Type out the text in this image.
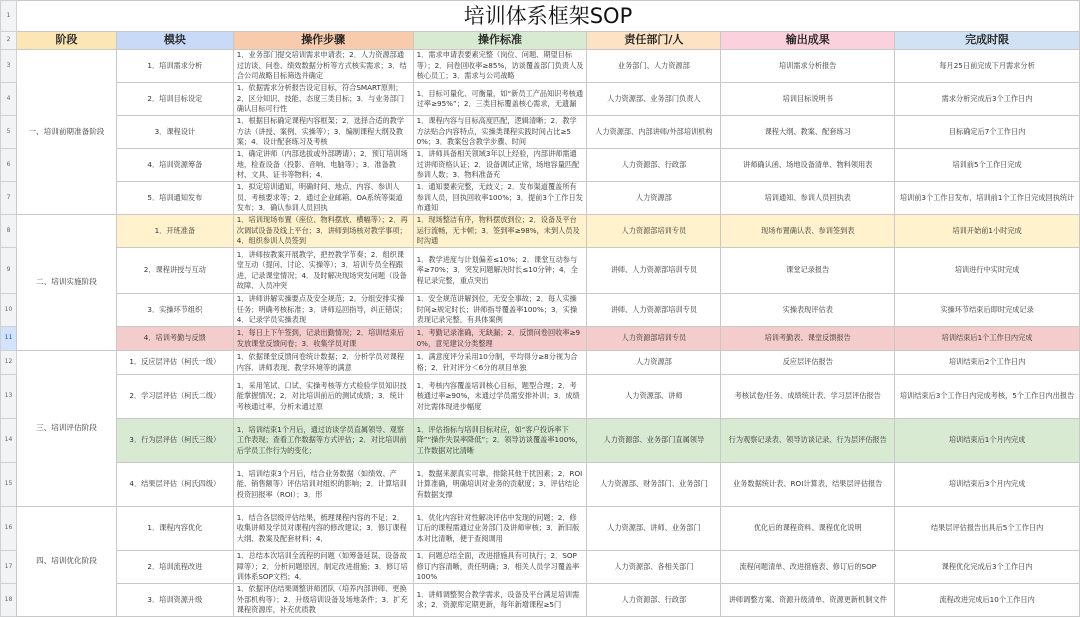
1	培训体系框架SOP						
2	阶段	模块	操作步骤	操作标准	责任部门/人	输出成果	完成时限
3	一、培训前期准备阶段	1．培训需求分析	1．业务部门提交培训需求申请表；2．人力资源部通过访谈、问卷、绩效数据分析等方式核实需求；3．结合公司战略目标筛选并确定	1．需求申请表要素完整（岗位、问题、期望目标等）；2．问卷回收率≥85%，访谈覆盖部门负责人及核心员工；3．需求与公司战略	业务部门、人力资源部	培训需求分析报告	每月25日前完成下月需求分析
4		2．培训目标设定	1．依据需求分析报告设定目标，符合SMART原则；2．区分知识、技能、态度三类目标；3．与业务部门确认目标可行性	1．目标可量化、可衡量，如“新员工产品知识考核通过率≥95%”；2．三类目标覆盖核心需求，无遗漏	人力资源部、业务部门负责人	培训目标说明书	需求分析完成后3个工作日内
5		3．课程设计	1．根据目标确定课程内容框架；2．选择合适的教学方法（讲授、案例、实操等）；3．编制课程大纲及教案；4．设计配套练习及考核	1．课程内容与目标高度匹配，逻辑清晰；2．教学方法贴合内容特点，实操类课程实践时间占比≥50%；3．教案包含教学步骤、时间	人力资源部、内部讲师/外部培训机构	课程大纲、教案、配套练习	目标确定后7个工作日内
6		4．培训资源筹备	1．确定讲师（内部选拔或外部聘请）；2．预订培训场地，检查设备（投影、音响、电脑等）；3．准备教材、文具、证书等物料；4．	1．讲师具备相关领域3年以上经验，内部讲师需通过讲师资格认证；2．设备调试正常，场地容量匹配参训人数；3．物料准备充	人力资源部、行政部	讲师确认函、场地设备清单、物料领用表	培训前5个工作日完成
7		5．培训通知发布	1．拟定培训通知，明确时间、地点、内容、参训人员、考核要求等；2．通过企业邮箱、OA系统等渠道发布；3．确认参训人员回执	1．通知要素完整，无歧义；2．发布渠道覆盖所有参训人员，回执回收率100%；3．提前3个工作日发布通知	人力资源部	培训通知、参训人员回执表	培训前3个工作日发布，培训前1个工作日完成回执统计
8	二、培训实施阶段	1．开班准备	1．培训现场布置（座位、物料摆放、横幅等）；2．再次调试设备及线上平台；3．讲师到场核对教学事项；4．组织参训人员签到	1．现场整洁有序，物料摆放到位；2．设备及平台运行流畅，无卡顿；3．签到率≥98%，未到人员及时沟通	人力资源部培训专员	现场布置确认表、参训签到表	培训开始前1小时完成
9		2．课程讲授与互动	1．讲师按教案开展教学，把控教学节奏；2．组织课堂互动（提问、讨论、实操等）；3．培训专员全程跟进，记录课堂情况；4．及时解决现场突发问题（设备故障、人员冲突	1．教学进度与计划偏差≤10%；2．课堂互动参与率≥70%；3．突发问题解决时长≤10分钟；4．全程记录完整，重点突出	讲师、人力资源部培训专员	课堂记录报告	培训进行中实时完成
10		3．实操环节组织	1．讲师讲解实操要点及安全规范；2．分组安排实操任务；明确考核标准；3．讲师巡回指导，纠正错误；4．记录学员实操表现	1．安全规范讲解到位，无安全事故；2．每人实操时间≥规定时长；讲师指导覆盖率100%；3．实操表现记录完整，有具体案例	讲师、人力资源部培训专员	实操表现评估表	实操环节结束后即时完成记录
11		4．培训考勤与反馈	1．每日上下午签到，记录出勤情况；2．培训结束后发放课堂反馈问卷；3．收集学员对课	1．考勤记录准确，无缺漏；2．反馈问卷回收率≥90%，意见建议分类整理	人力资源部培训专员	培训考勤表、课堂反馈报告	培训结束后1个工作日内完成
12	三、培训评估阶段	1．反应层评估（柯氏一级）	1．依据课堂反馈问卷统计数据；2．分析学员对课程内容、讲师表现、教学环境等的满意	1．满意度评分采用10分制，平均得分≥8分视为合格；2．针对评分＜6分的项目单独	人力资源部	反应层评估报告	培训结束后2个工作日内
13		2．学习层评估（柯氏二级）	1．采用笔试、口试、实操考核等方式检验学员知识技能掌握情况；2．对比培训前后的测试成绩；3．统计考核通过率，分析未通过原	1．考核内容覆盖培训核心目标，题型合理；2．考核通过率≥90%，未通过学员需安排补训；3．成绩对比需体现进步幅度	人力资源部、讲师	考核试卷/任务、成绩统计表、学习层评估报告	培训结束后3个工作日内完成考核，5个工作日内出报告
14		3．行为层评估（柯氏三级）	1．培训结束1个月后，通过访谈学员直属领导、观察工作表现；查看工作数据等方式评估；2．对比培训前后学员工作行为的变化；	1．评估指标与培训目标对应，如“客户投诉率下降”“操作失误率降低”；2．领导访谈覆盖率100%，工作数据对比清晰	人力资源部、业务部门直属领导	行为观察记录表、领导访谈记录、行为层评估报告	培训结束后1个月内完成
15		4．结果层评估（柯氏四级）	1．培训结束3个月后，结合业务数据（如绩效、产能、销售额等）评估培训对组织的影响；2．计算培训投资回报率（ROI）；3．形	1．数据来源真实可靠，排除其他干扰因素；2．ROI计算准确，明确培训对业务的贡献度；3．评估结论有数据支撑	人力资源部、财务部门、业务部门	业务数据统计表、ROI计算表、结果层评估报告	培训结束后3个月内完成
16	四、培训优化阶段	1．课程内容优化	1．结合各层级评估结果，梳理课程内容的不足；2．收集讲师及学员对课程内容的修改建议；3．修订课程大纲、教案及配套材料；4．	1．优化内容针对性解决评估中发现的问题；2．修订后的课程需通过业务部门及讲师审核；3．新旧版本对比清晰，便于查阅调用	人力资源部、讲师、业务部门	优化后的课程资料、课程优化说明	结果层评估报告出具后5个工作日内
17		2．培训流程改进	1．总结本次培训全流程的问题（如筹备延误、设备故障等）；2．分析问题原因，制定改进措施；3．修订培训体系SOP文档；4．	1．问题总结全面，改进措施具有可执行；2．SOP修订内容清晰，责任明确；3．相关人员学习覆盖率100%	人力资源部、各相关部门	流程问题清单、改进措施表、修订后的SOP	课程优化完成后3个工作日内
18		3．培训资源升级	1．依据评估结果调整讲师团队（培养内部讲师、更换外部机构等）；2．升级培训设备及场地条件；3．扩充课程资源库，补充优质教	1．讲师调整契合教学需求，设备及平台满足培训需求；2．资源库定期更新，每年新增课程≥5门	人力资源部、行政部	讲师调整方案、资源升级清单、资源更新机制文件	流程改进完成后10个工作日内
